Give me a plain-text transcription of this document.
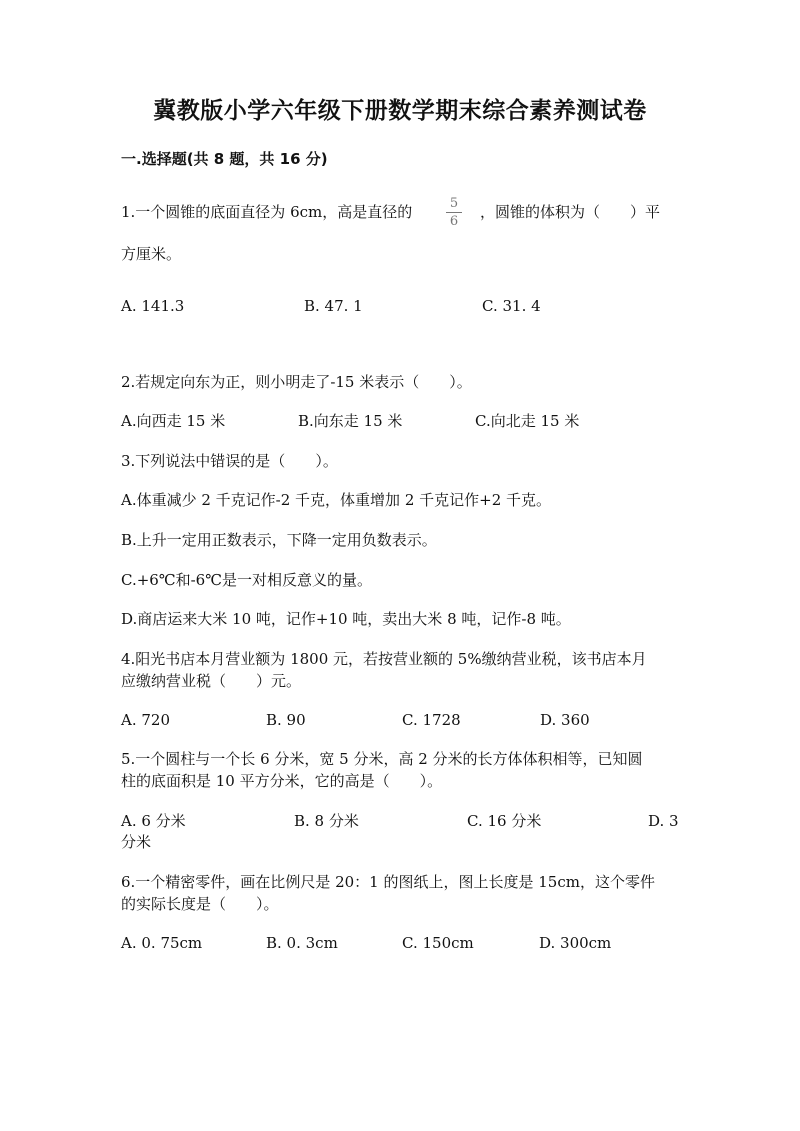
冀教版小学六年级下册数学期末综合素养测试卷
一.选择题(共 8 题，共 16 分)
1.一个圆锥的底面直径为 6cm，高是直径的	5
6
，圆锥的体积为（　　）平
方厘米。
A. 141.3	B. 47. 1	C. 31. 4
2.若规定向东为正，则小明走了-15 米表示（　　）。
A.向西走 15 米	B.向东走 15 米	C.向北走 15 米
3.下列说法中错误的是（　　）。
A.体重减少 2 千克记作-2 千克，体重增加 2 千克记作+2 千克。
B.上升一定用正数表示，下降一定用负数表示。
C.+6℃和-6℃是一对相反意义的量。
D.商店运来大米 10 吨，记作+10 吨，卖出大米 8 吨，记作-8 吨。
4.阳光书店本月营业额为 1800 元，若按营业额的 5%缴纳营业税，该书店本月
应缴纳营业税（　　）元。
A. 720	B. 90	C. 1728	D. 360
5.一个圆柱与一个长 6 分米，宽 5 分米，高 2 分米的长方体体积相等，已知圆
柱的底面积是 10 平方分米，它的高是（　　）。
A. 6 分米	B. 8 分米	C. 16 分米	D. 3
分米
6.一个精密零件，画在比例尺是 20：1 的图纸上，图上长度是 15cm，这个零件
的实际长度是（　　）。
A. 0. 75cm	B. 0. 3cm	C. 150cm	D. 300cm
